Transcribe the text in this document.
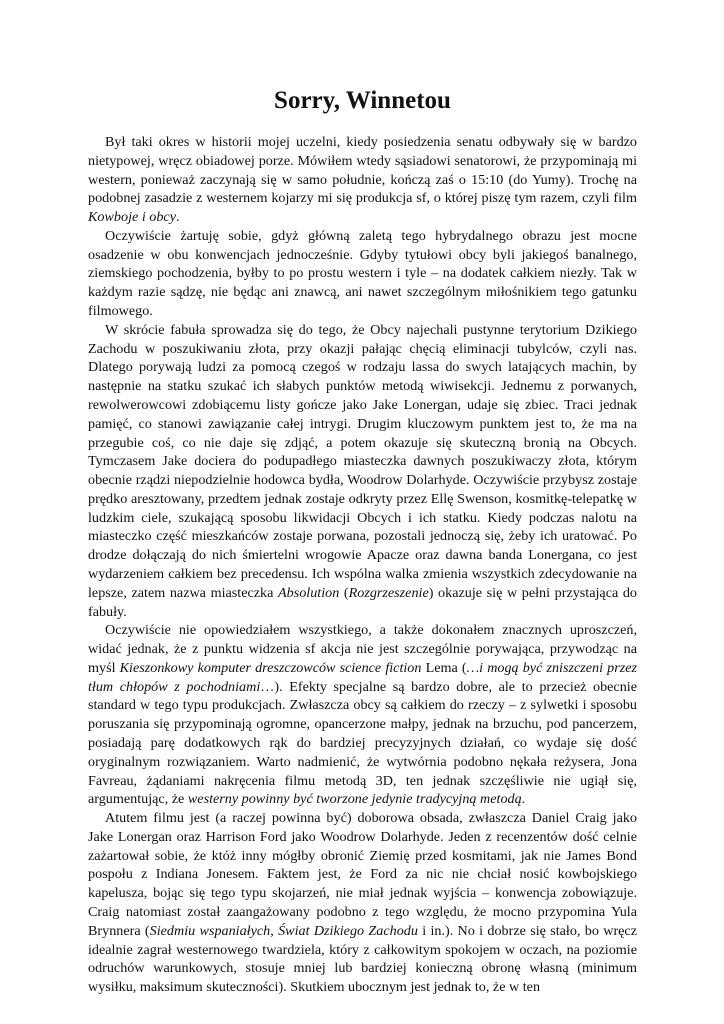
Sorry, Winnetou

Był taki okres w historii mojej uczelni, kiedy posiedzenia senatu odbywały się w bardzo nietypowej, wręcz obiadowej porze. Mówiłem wtedy sąsiadowi senatorowi, że przypominają mi western, ponieważ zaczynają się w samo południe, kończą zaś o 15:10 (do Yumy). Trochę na podobnej zasadzie z westernem kojarzy mi się produkcja sf, o której piszę tym razem, czyli film Kowboje i obcy.

Oczywiście żartuję sobie, gdyż główną zaletą tego hybrydalnego obrazu jest mocne osadzenie w obu konwencjach jednocześnie. Gdyby tytułowi obcy byli jakiegoś banalnego, ziemskiego pochodzenia, byłby to po prostu western i tyle – na dodatek całkiem niezły. Tak w każdym razie sądzę, nie będąc ani znawcą, ani nawet szczególnym miłośnikiem tego gatunku filmowego.

W skrócie fabuła sprowadza się do tego, że Obcy najechali pustynne terytorium Dzikiego Zachodu w poszukiwaniu złota, przy okazji pałając chęcią eliminacji tubylców, czyli nas. Dlatego porywają ludzi za pomocą czegoś w rodzaju lassa do swych latających machin, by następnie na statku szukać ich słabych punktów metodą wiwisekcji. Jednemu z porwanych, rewolwerowcowi zdobiącemu listy gończe jako Jake Lonergan, udaje się zbiec. Traci jednak pamięć, co stanowi zawiązanie całej intrygi. Drugim kluczowym punktem jest to, że ma na przegubie coś, co nie daje się zdjąć, a potem okazuje się skuteczną bronią na Obcych. Tymczasem Jake dociera do podupadłego miasteczka dawnych poszukiwaczy złota, którym obecnie rządzi niepodzielnie hodowca bydła, Woodrow Dolarhyde. Oczywiście przybysz zostaje prędko aresztowany, przedtem jednak zostaje odkryty przez Ellę Swenson, kosmitkę-telepatkę w ludzkim ciele, szukającą sposobu likwidacji Obcych i ich statku. Kiedy podczas nalotu na miasteczko część mieszkańców zostaje porwana, pozostali jednoczą się, żeby ich uratować. Po drodze dołączają do nich śmiertelni wrogowie Apacze oraz dawna banda Lonergana, co jest wydarzeniem całkiem bez precedensu. Ich wspólna walka zmienia wszystkich zdecydowanie na lepsze, zatem nazwa miasteczka Absolution (Rozgrzeszenie) okazuje się w pełni przystająca do fabuły.

Oczywiście nie opowiedziałem wszystkiego, a także dokonałem znacznych uproszczeń, widać jednak, że z punktu widzenia sf akcja nie jest szczególnie porywająca, przywodząc na myśl Kieszonkowy komputer dreszczowców science fiction Lema (…i mogą być zniszczeni przez tłum chłopów z pochodniami…). Efekty specjalne są bardzo dobre, ale to przecież obecnie standard w tego typu produkcjach. Zwłaszcza obcy są całkiem do rzeczy – z sylwetki i sposobu poruszania się przypominają ogromne, opancerzone małpy, jednak na brzuchu, pod pancerzem, posiadają parę dodatkowych rąk do bardziej precyzyjnych działań, co wydaje się dość oryginalnym rozwiązaniem. Warto nadmienić, że wytwórnia podobno nękała reżysera, Jona Favreau, żądaniami nakręcenia filmu metodą 3D, ten jednak szczęśliwie nie ugiął się, argumentując, że westerny powinny być tworzone jedynie tradycyjną metodą.

Atutem filmu jest (a raczej powinna być) doborowa obsada, zwłaszcza Daniel Craig jako Jake Lonergan oraz Harrison Ford jako Woodrow Dolarhyde. Jeden z recenzentów dość celnie zażartował sobie, że któż inny mógłby obronić Ziemię przed kosmitami, jak nie James Bond pospołu z Indiana Jonesem. Faktem jest, że Ford za nic nie chciał nosić kowbojskiego kapelusza, bojąc się tego typu skojarzeń, nie miał jednak wyjścia – konwencja zobowiązuje. Craig natomiast został zaangażowany podobno z tego względu, że mocno przypomina Yula Brynnera (Siedmiu wspaniałych, Świat Dzikiego Zachodu i in.). No i dobrze się stało, bo wręcz idealnie zagrał westernowego twardziela, który z całkowitym spokojem w oczach, na poziomie odruchów warunkowych, stosuje mniej lub bardziej konieczną obronę własną (minimum wysiłku, maksimum skuteczności). Skutkiem ubocznym jest jednak to, że w ten
